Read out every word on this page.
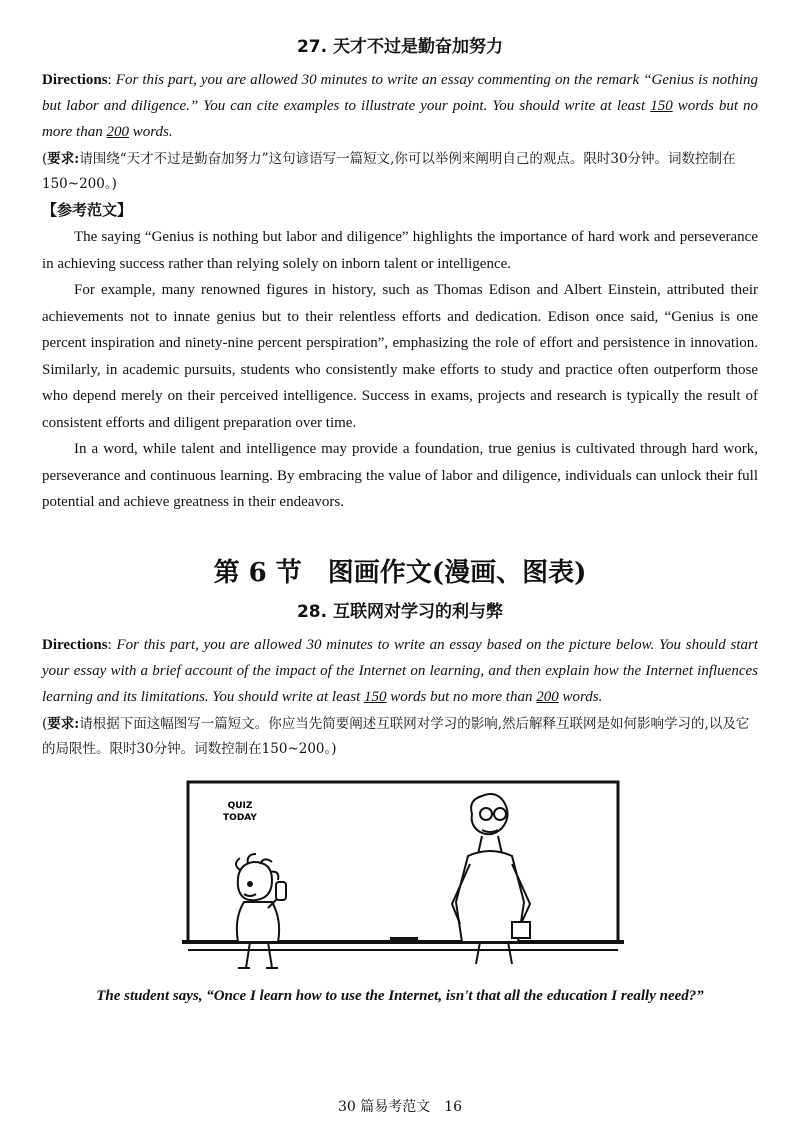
27. 天才不过是勤奋加努力

Directions: For this part, you are allowed 30 minutes to write an essay commenting on the remark “Genius is nothing but labor and diligence.” You can cite examples to illustrate your point. You should write at least 150 words but no more than 200 words.

(要求:请围绕“天才不过是勤奋加努力”这句谚语写一篇短文,你可以举例来阐明自己的观点。限时30分钟。词数控制在150~200。)

【参考范文】

The saying “Genius is nothing but labor and diligence” highlights the importance of hard work and perseverance in achieving success rather than relying solely on inborn talent or intelligence.

For example, many renowned figures in history, such as Thomas Edison and Albert Einstein, attributed their achievements not to innate genius but to their relentless efforts and dedication. Edison once said, “Genius is one percent inspiration and ninety-nine percent perspiration”, emphasizing the role of effort and persistence in innovation. Similarly, in academic pursuits, students who consistently make efforts to study and practice often outperform those who depend merely on their perceived intelligence. Success in exams, projects and research is typically the result of consistent efforts and diligent preparation over time.

In a word, while talent and intelligence may provide a foundation, true genius is cultivated through hard work, perseverance and continuous learning. By embracing the value of labor and diligence, individuals can unlock their full potential and achieve greatness in their endeavors.

第 6 节　图画作文(漫画、图表)
28. 互联网对学习的利与弊

Directions: For this part, you are allowed 30 minutes to write an essay based on the picture below. You should start your essay with a brief account of the impact of the Internet on learning, and then explain how the Internet influences learning and its limitations. You should write at least 150 words but no more than 200 words.

(要求:请根据下面这幅图写一篇短文。你应当先简要阐述互联网对学习的影响,然后解释互联网是如何影响学习的,以及它的局限性。限时30分钟。词数控制在150~200。)

QUIZ
TODAY

The student says, “Once I learn how to use the Internet, isn't that all the education I really need?”

30 篇易考范文　16
